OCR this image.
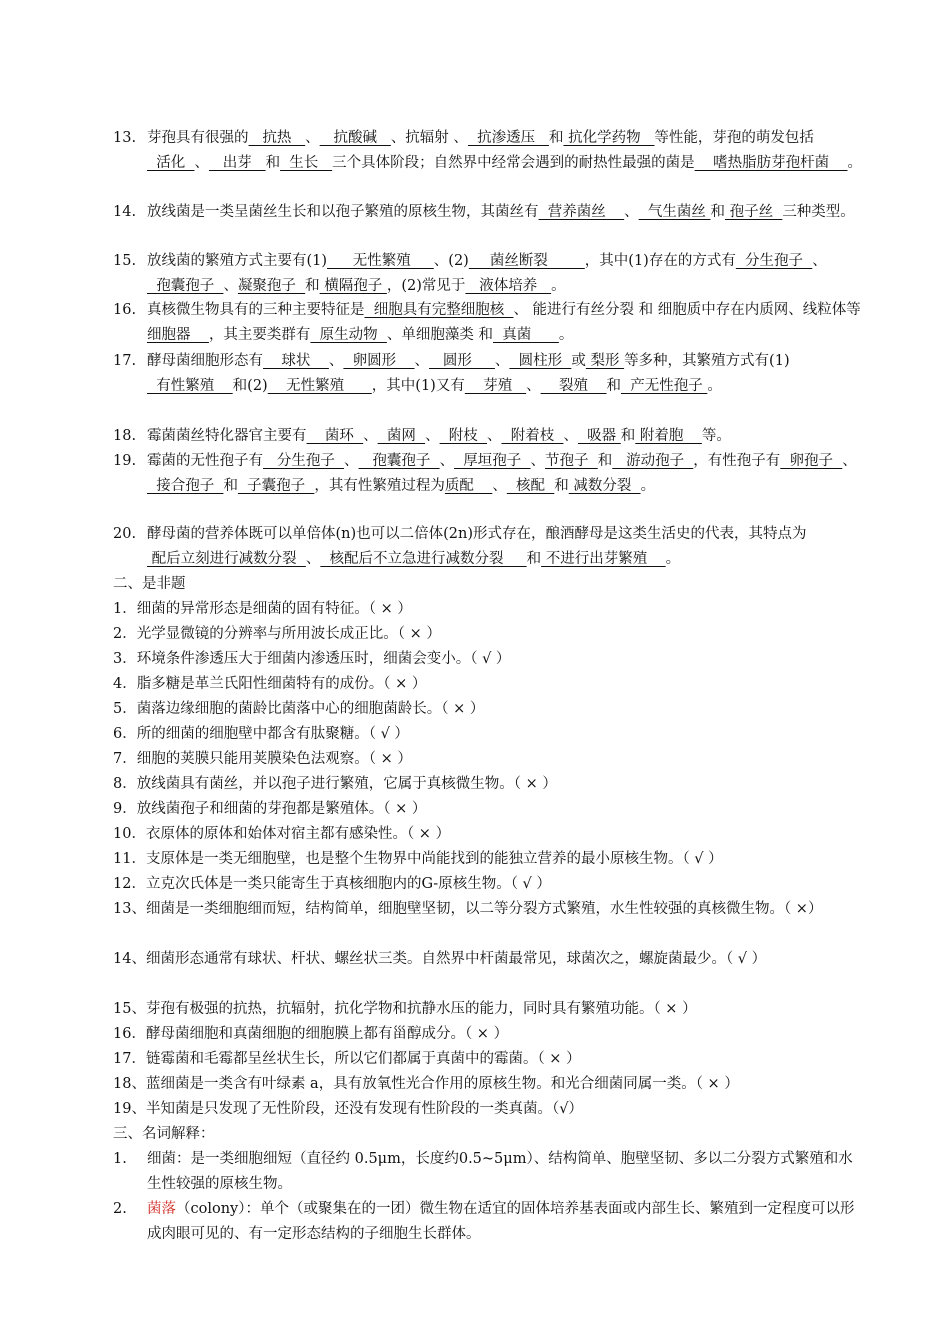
13. 芽孢具有很强的   抗热   、   抗酸碱   、抗辐射 、  抗渗透压   和 抗化学药物   等性能，芽孢的萌发包括  活化  、   出芽   和  生长   三个具体阶段；自然界中经常会遇到的耐热性最强的菌是    嗜热脂肪芽孢杆菌    。
14. 放线菌是一类呈菌丝生长和以孢子繁殖的原核生物，其菌丝有  营养菌丝    、  气生菌丝 和 孢子丝  三种类型。
15. 放线菌的繁殖方式主要有(1)   _ 无性繁殖     、(2)   _菌丝断裂        ，其中(1)存在的方式有  分生孢子  、  孢囊孢子  、凝聚孢子  和 横隔孢子 ，(2)常见于   液体培养   。
16. 真核微生物具有的三种主要特征是  细胞具有完整细胞核  、 能进行有丝分裂 和 细胞质中存在内质网、线粒体等细胞器    ，其主要类群有  原生动物  、单细胞藻类 和  真菌      。
17. 酵母菌细胞形态有    球状    、  卵圆形    、   圆形     、  圆柱形  或 梨形 等多种，其繁殖方式有(1)  有性繁殖    和(2)    无性繁殖      ，其中(1)又有    芽殖   、    裂殖    和  产无性孢子 。
18. 霉菌菌丝特化器官主要有    菌环  、  菌网  、  附枝  、  附着枝  、  吸器 和 附着胞    等。
19. 霉菌的无性孢子有   分生孢子  、   孢囊孢子  、  厚垣孢子  、节孢子  和   游动孢子  ，有性孢子有  卵孢子  、  接合孢子  和  子囊孢子  ，其有性繁殖过程为质配    、  核配  和 减数分裂  。
20. 酵母菌的营养体既可以单倍体(n)也可以二倍体(2n)形式存在，酿酒酵母是这类生活史的代表，其特点为 配后立刻进行减数分裂  、  核配后不立急进行减数分裂     和 不进行出芽繁殖    。
二、是非题
1．细菌的异常形态是细菌的固有特征。（ × ）
2．光学显微镜的分辨率与所用波长成正比。（ × ）
3．环境条件渗透压大于细菌内渗透压时，细菌会变小。（ √ ）
4．脂多糖是革兰氏阳性细菌特有的成份。（ × ）
5．菌落边缘细胞的菌龄比菌落中心的细胞菌龄长。（ × ）
6．所的细菌的细胞壁中都含有肽聚糖。（ √ ）
7．细胞的荚膜只能用荚膜染色法观察。（ × ）
8．放线菌具有菌丝，并以孢子进行繁殖，它属于真核微生物。（ × ）
9．放线菌孢子和细菌的芽孢都是繁殖体。（ × ）
10．衣原体的原体和始体对宿主都有感染性。（ × ）
11．支原体是一类无细胞壁，也是整个生物界中尚能找到的能独立营养的最小原核生物。（ √ ）
12．立克次氏体是一类只能寄生于真核细胞内的G-原核生物。（ √ ）
13、细菌是一类细胞细而短，结构简单，细胞壁坚韧，以二等分裂方式繁殖，水生性较强的真核微生物。（ ×）
14、细菌形态通常有球状、杆状、螺丝状三类。自然界中杆菌最常见，球菌次之，螺旋菌最少。（ √ ）
15、芽孢有极强的抗热，抗辐射，抗化学物和抗静水压的能力，同时具有繁殖功能。（ × ）
16．酵母菌细胞和真菌细胞的细胞膜上都有甾醇成分。（ × ）
17．链霉菌和毛霉都呈丝状生长，所以它们都属于真菌中的霉菌。（ × ）
18、蓝细菌是一类含有叶绿素 a，具有放氧性光合作用的原核生物。和光合细菌同属一类。（ × ）
19、半知菌是只发现了无性阶段，还没有发现有性阶段的一类真菌。（√）
三、名词解释：
1.	细菌：是一类细胞细短（直径约 0.5μm，长度约0.5~5μm）、结构简单、胞壁坚韧、多以二分裂方式繁殖和水生性较强的原核生物。
2.	菌落（colony）：单个（或聚集在的一团）微生物在适宜的固体培养基表面或内部生长、繁殖到一定程度可以形成肉眼可见的、有一定形态结构的子细胞生长群体。
